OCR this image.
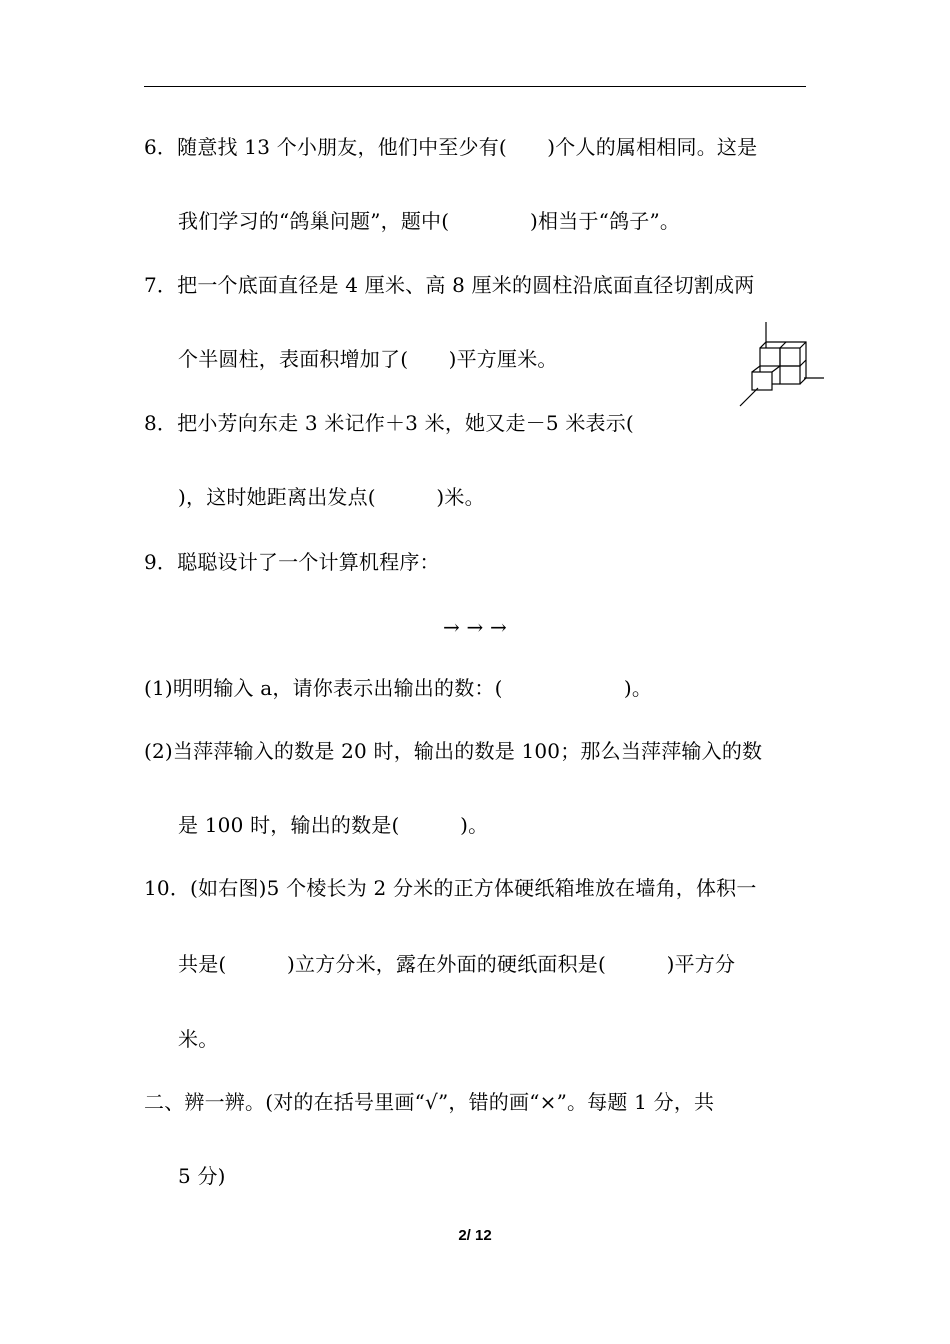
6．随意找 13 个小朋友，他们中至少有(　　)个人的属相相同。这是
我们学习的“鸽巢问题”，题中(　　　　)相当于“鸽子”。
7．把一个底面直径是 4 厘米、高 8 厘米的圆柱沿底面直径切割成两
个半圆柱，表面积增加了(　　)平方厘米。
8．把小芳向东走 3 米记作＋3 米，她又走－5 米表示(
)，这时她距离出发点(　　　)米。
9．聪聪设计了一个计算机程序：
→ → →
(1)明明输入 a，请你表示出输出的数：(　　　　　　)。
(2)当萍萍输入的数是 20 时，输出的数是 100；那么当萍萍输入的数
是 100 时，输出的数是(　　　)。
10．(如右图)5 个棱长为 2 分米的正方体硬纸箱堆放在墙角，体积一
共是(　　　)立方分米，露在外面的硬纸面积是(　　　)平方分
米。
二、辨一辨。(对的在括号里画“√”，错的画“×”。每题 1 分，共
5 分)
2/ 12
